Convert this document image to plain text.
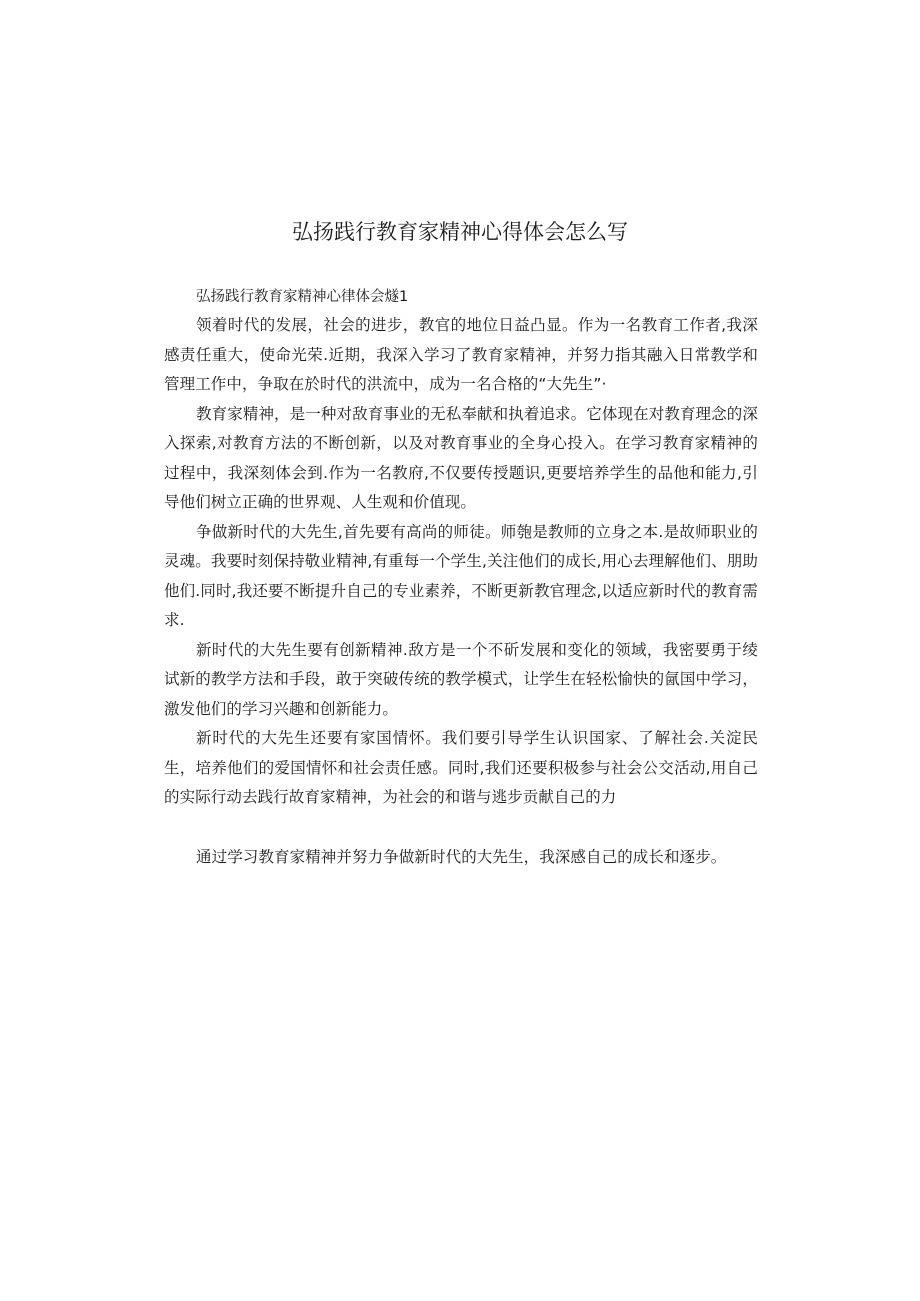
弘扬践行教育家精神心得体会怎么写

弘扬践行教育家精神心律体会燧1

领着时代的发展，社会的进步，教官的地位日益凸显。作为一名教育工作者,我深感责任重大，使命光荣.近期，我深入学习了教育家精神，并努力指其融入日常教学和管理工作中，争取在於时代的洪流中，成为一名合格的“大先生”·

教育家精神，是一种对敌育事业的无私奉献和执着追求。它体现在对教育理念的深入探索,对教育方法的不断创新，以及对教育事业的全身心投入。在学习教育家精神的过程中，我深刻体会到.作为一名教府,不仅要传授题识,更要培养学生的品他和能力,引导他们树立正确的世界观、人生观和价值现。

争做新时代的大先生,首先要有高尚的师徒。师匏是教师的立身之本.是故师职业的灵魂。我要时刻保持敬业精神,有重每一个学生,关注他们的成长,用心去理解他们、朋助他们.同时,我还要不断提升自己的专业素养，不断更新教官理念,以适应新时代的教育需求.

新时代的大先生要有创新精神.敌方是一个不斫发展和变化的领域，我密要勇于绫试新的教学方法和手段，敢于突破传统的教学模式，让学生在轻松愉快的氤国中学习，激发他们的学习兴趣和创新能力。

新时代的大先生还要有家国情怀。我们要引导学生认识国家、了解社会.关淀民生，培养他们的爱国情怀和社会责任感。同时,我们还要积极参与社会公交活动,用自己的实际行动去践行故育家精神，为社会的和谐与逃步贡献自己的力

通过学习教育家精神并努力争做新时代的大先生，我深感自己的成长和逐步。
